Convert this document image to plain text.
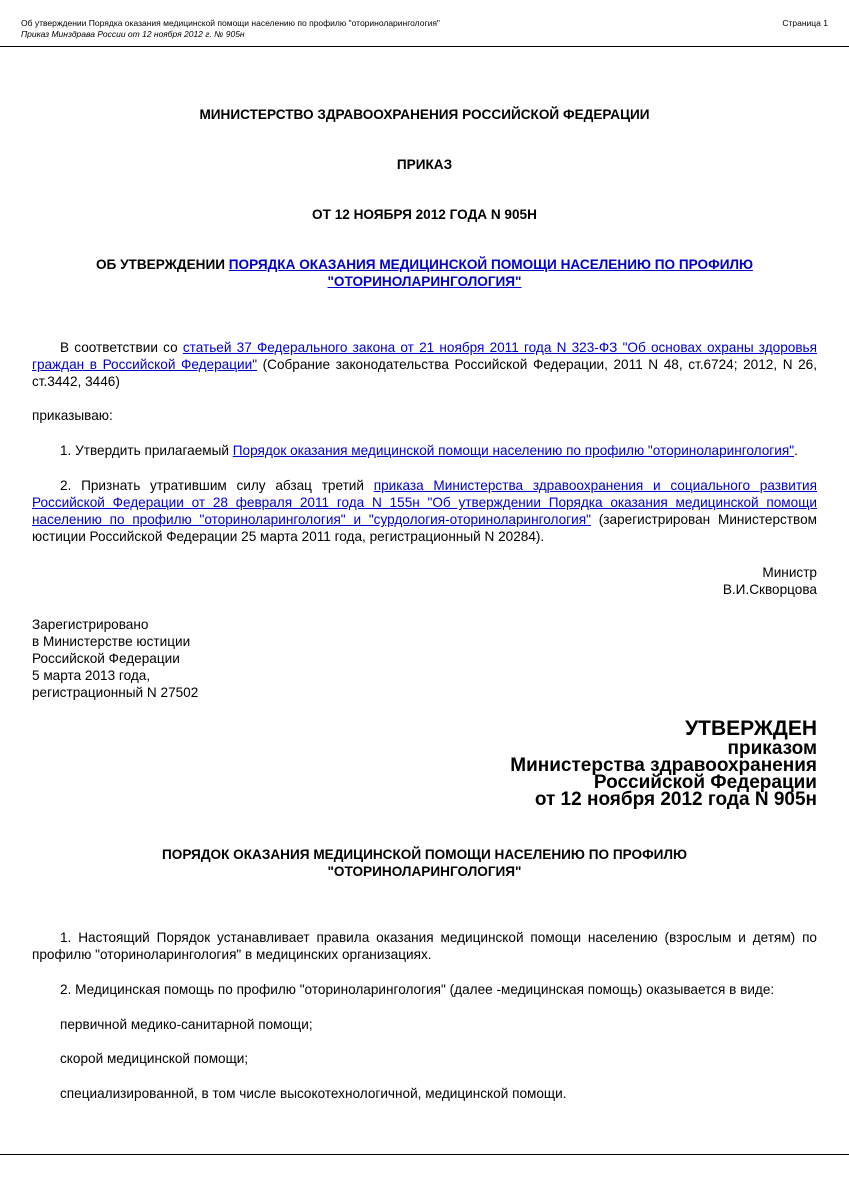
Об утверждении Порядка оказания медицинской помощи населению по профилю "оториноларингология"
Приказ Минздрава России от 12 ноября 2012 г. № 905н
Страница 1
МИНИСТЕРСТВО ЗДРАВООХРАНЕНИЯ РОССИЙСКОЙ ФЕДЕРАЦИИ
ПРИКАЗ
ОТ 12 НОЯБРЯ 2012 ГОДА N 905Н
ОБ УТВЕРЖДЕНИИ ПОРЯДКА ОКАЗАНИЯ МЕДИЦИНСКОЙ ПОМОЩИ НАСЕЛЕНИЮ ПО ПРОФИЛЮ "ОТОРИНОЛАРИНГОЛОГИЯ"
В соответствии со статьей 37 Федерального закона от 21 ноября 2011 года N 323-ФЗ "Об основах охраны здоровья граждан в Российской Федерации" (Собрание законодательства Российской Федерации, 2011 N 48, ст.6724; 2012, N 26, ст.3442, 3446)
приказываю:
1. Утвердить прилагаемый Порядок оказания медицинской помощи населению по профилю "оториноларингология".
2. Признать утратившим силу абзац третий приказа Министерства здравоохранения и социального развития Российской Федерации от 28 февраля 2011 года N 155н "Об утверждении Порядка оказания медицинской помощи населению по профилю "оториноларингология" и "сурдология-оториноларингология" (зарегистрирован Министерством юстиции Российской Федерации 25 марта 2011 года, регистрационный N 20284).
Министр
В.И.Скворцова
Зарегистрировано
в Министерстве юстиции
Российской Федерации
5 марта 2013 года,
регистрационный N 27502
УТВЕРЖДЕН
приказом
Министерства здравоохранения
Российской Федерации
от 12 ноября 2012 года N 905н
ПОРЯДОК ОКАЗАНИЯ МЕДИЦИНСКОЙ ПОМОЩИ НАСЕЛЕНИЮ ПО ПРОФИЛЮ
"ОТОРИНОЛАРИНГОЛОГИЯ"
1. Настоящий Порядок устанавливает правила оказания медицинской помощи населению (взрослым и детям) по профилю "оториноларингология" в медицинских организациях.
2. Медицинская помощь по профилю "оториноларингология" (далее -медицинская помощь) оказывается в виде:
первичной медико-санитарной помощи;
скорой медицинской помощи;
специализированной, в том числе высокотехнологичной, медицинской помощи.
